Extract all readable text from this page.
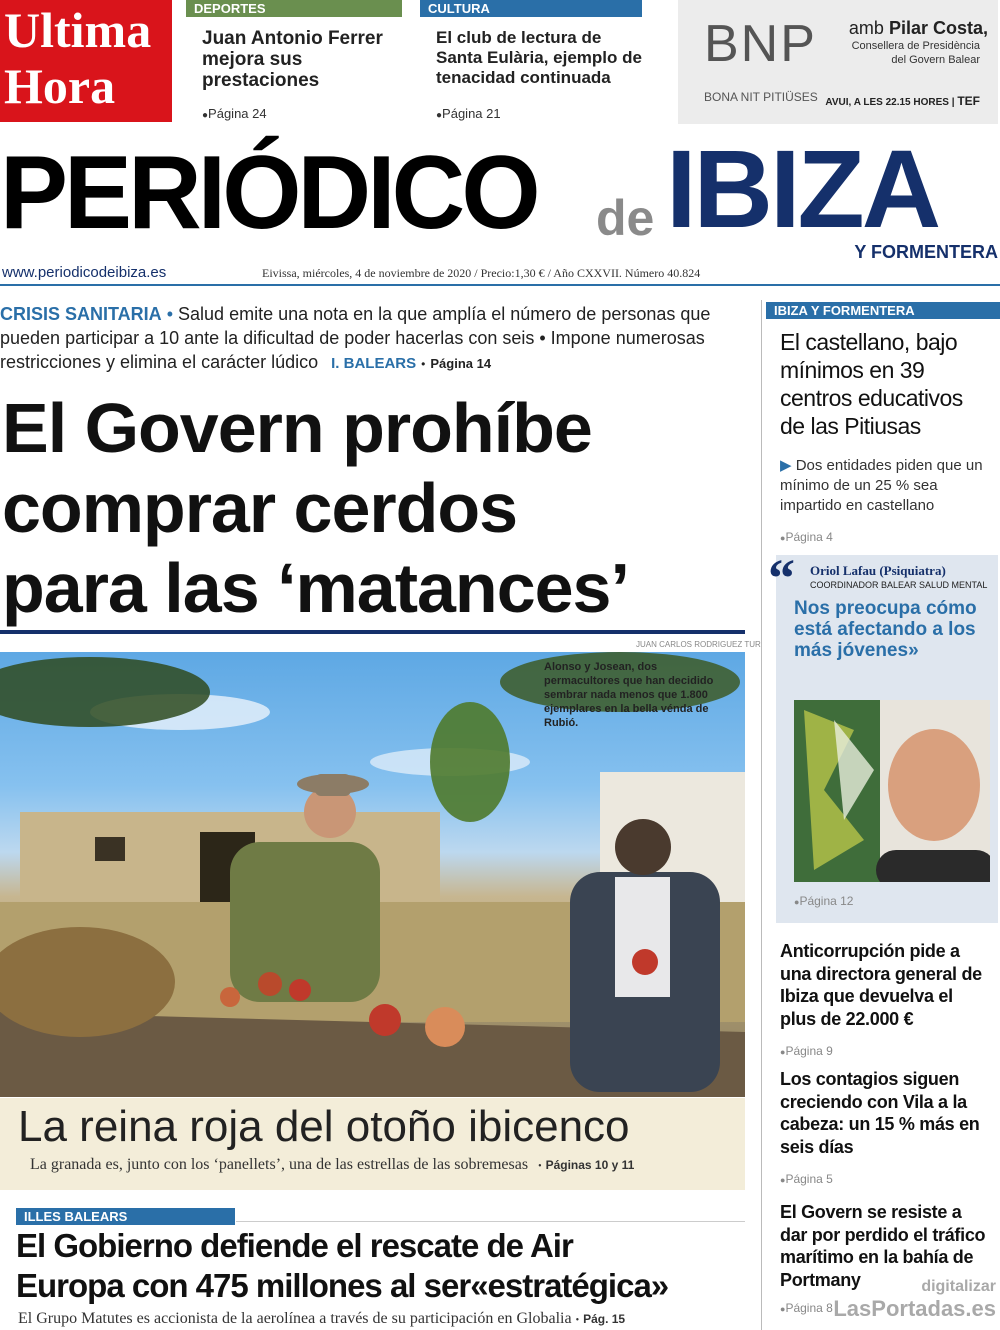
Ultima
Hora
DEPORTES
Juan Antonio Ferrer mejora sus prestaciones
● Página 24
CULTURA
El club de lectura de Santa Eulària, ejemplo de tenacidad continuada
● Página 21
BNP
BONA NIT PITIÜSES
amb Pilar Costa,
Consellera de Presidència
del Govern Balear
AVUI, A LES 22.15 HORES | TEF
PERIÓDICO de IBIZA
Y FORMENTERA
www.periodicodeibiza.es	Eivissa, miércoles, 4 de noviembre de 2020 / Precio:1,30 € / Año CXXVII. Número 40.824
CRISIS SANITARIA • Salud emite una nota en la que amplía el número de personas que pueden participar a 10 ante la dificultad de poder hacerlas con seis • Impone numerosas restricciones y elimina el carácter lúdico I. BALEARS • Página 14
El Govern prohíbe
comprar cerdos
para las ‘matances’
JUAN CARLOS RODRIGUEZ TUR
Alonso y Josean, dos permacultores que han decidido sembrar nada menos que 1.800 ejemplares en la bella vénda de Rubió.
La reina roja del otoño ibicenco
La granada es, junto con los ‘panellets’, una de las estrellas de las sobremesas • Páginas 10 y 11
ILLES BALEARS
El Gobierno defiende el rescate de Air
Europa con 475 millones al ser«estratégica»
El Grupo Matutes es accionista de la aerolínea a través de su participación en Globalia • Pág. 15
IBIZA Y FORMENTERA
El castellano, bajo mínimos en 39 centros educativos de las Pitiusas
▶ Dos entidades piden que un mínimo de un 25 % sea impartido en castellano
● Página 4
“ Oriol Lafau (Psiquiatra)
COORDINADOR BALEAR SALUD MENTAL
Nos preocupa cómo está afectando a los más jóvenes»
● Página 12
Anticorrupción pide a una directora general de Ibiza que devuelva el plus de 22.000 €
● Página 9
Los contagios siguen creciendo con Vila a la cabeza: un 15 % más en seis días
● Página 5
El Govern se resiste a dar por perdido el tráfico marítimo en la bahía de Portmany
● Página 8
digitalizar
LasPortadas.es
